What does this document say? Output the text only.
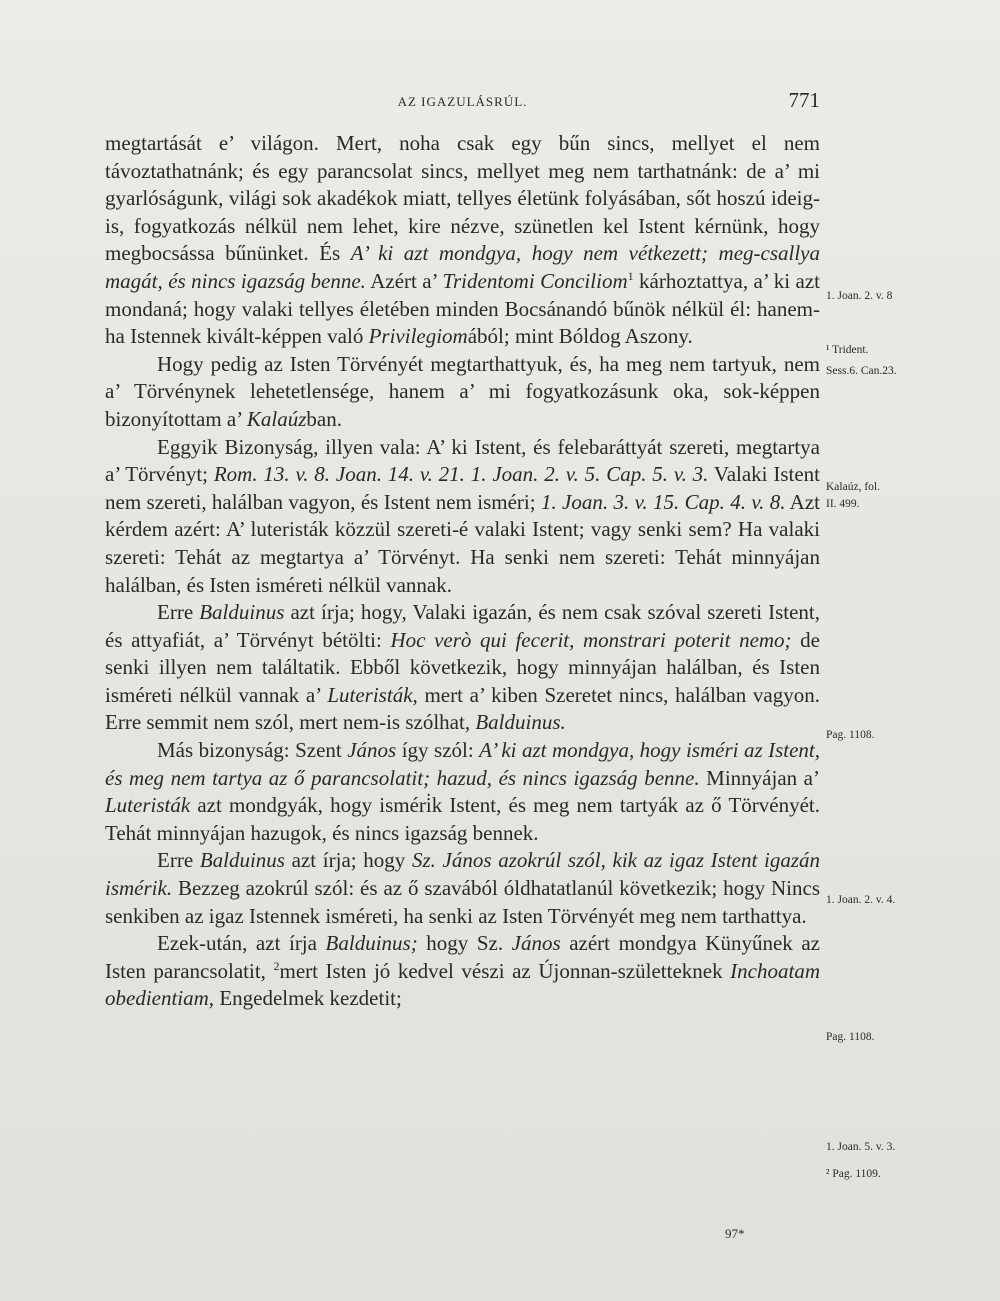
AZ IGAZULÁSRÚL.	771

megtartását e’ világon. Mert, noha csak egy bűn sincs, mellyet el nem távoztathatnánk; és egy parancsolat sincs, mellyet meg nem tarthatnánk: de a’ mi gyarlóságunk, világi sok akadékok miatt, tellyes életünk folyásában, sőt hoszú ideig-is, fogyatkozás nélkül nem lehet, kire nézve, szünetlen kel Istent kérnünk, hogy megbocsássa bűnünket. És A’ ki azt mondgya, hogy nem vétkezett; meg-csallya magát, és nincs igazság benne. Azért a’ Tridentomi Conciliom$^1$ kárhoztattya, a’ ki azt mondaná; hogy valaki tellyes életében minden Bocsánandó bűnök nélkül él: hanem-ha Istennek kivált-képpen való Privilegiomából; mint Bóldog Aszony.

Hogy pedig az Isten Törvényét megtarthattyuk, és, ha meg nem tartyuk, nem a’ Törvénynek lehetetlensége, hanem a’ mi fogyatkozásunk oka, sok-képpen bizonyítottam a’ Kalaúzban.

Eggyik Bizonyság, illyen vala: A’ ki Istent, és felebaráttyát szereti, megtartya a’ Törvényt; Rom. 13. v. 8. Joan. 14. v. 21. 1. Joan. 2. v. 5. Cap. 5. v. 3. Valaki Istent nem szereti, halálban vagyon, és Istent nem isméri; 1. Joan. 3. v. 15. Cap. 4. v. 8. Azt kérdem azért: A’ luteristák közzül szereti-é valaki Istent; vagy senki sem? Ha valaki szereti: Tehát az megtartya a’ Törvényt. Ha senki nem szereti: Tehát minnyájan halálban, és Isten isméreti nélkül vannak.

Erre Balduinus azt írja; hogy, Valaki igazán, és nem csak szóval szereti Istent, és attyafiát, a’ Törvényt bétölti: Hoc verò qui fecerit, monstrari poterit nemo; de senki illyen nem találtatik. Ebből következik, hogy minnyájan halálban, és Isten isméreti nélkül vannak a’ Luteristák, mert a’ kiben Szeretet nincs, halálban vagyon. Erre semmit nem szól, mert nem-is szólhat, Balduinus.

Más bizonyság: Szent János így szól: A’ ki azt mondgya, hogy isméri az Istent, és meg nem tartya az ő parancsolatit; hazud, és nincs igazság benne. Minnyájan a’ Luteristák azt mondgyák, hogy isméri̇k Istent, és meg nem tartyák az ő Törvényét. Tehát minnyájan hazugok, és nincs igazság bennek.

Erre Balduinus azt írja; hogy Sz. János azokrúl szól, kik az igaz Istent igazán ismérik. Bezzeg azokrúl szól: és az ő szavából óldhatatlanúl következik; hogy Nincs senkiben az igaz Istennek isméreti, ha senki az Isten Törvényét meg nem tarthattya.

Ezek-után, azt írja Balduinus; hogy Sz. János azért mondgya Künyűnek az Isten parancsolatit, $^2$mert Isten jó kedvel vészi az Újonnan-születteknek Inchoatam obedientiam, Engedelmek kezdetit;

1. Joan. 2. v. 8
¹ Trident.
Sess.6. Can.23.
Kalaúz, fol.
II. 499.
Pag. 1108.
1. Joan. 2. v. 4.
Pag. 1108.
1. Joan. 5. v. 3.
² Pag. 1109.
97*
